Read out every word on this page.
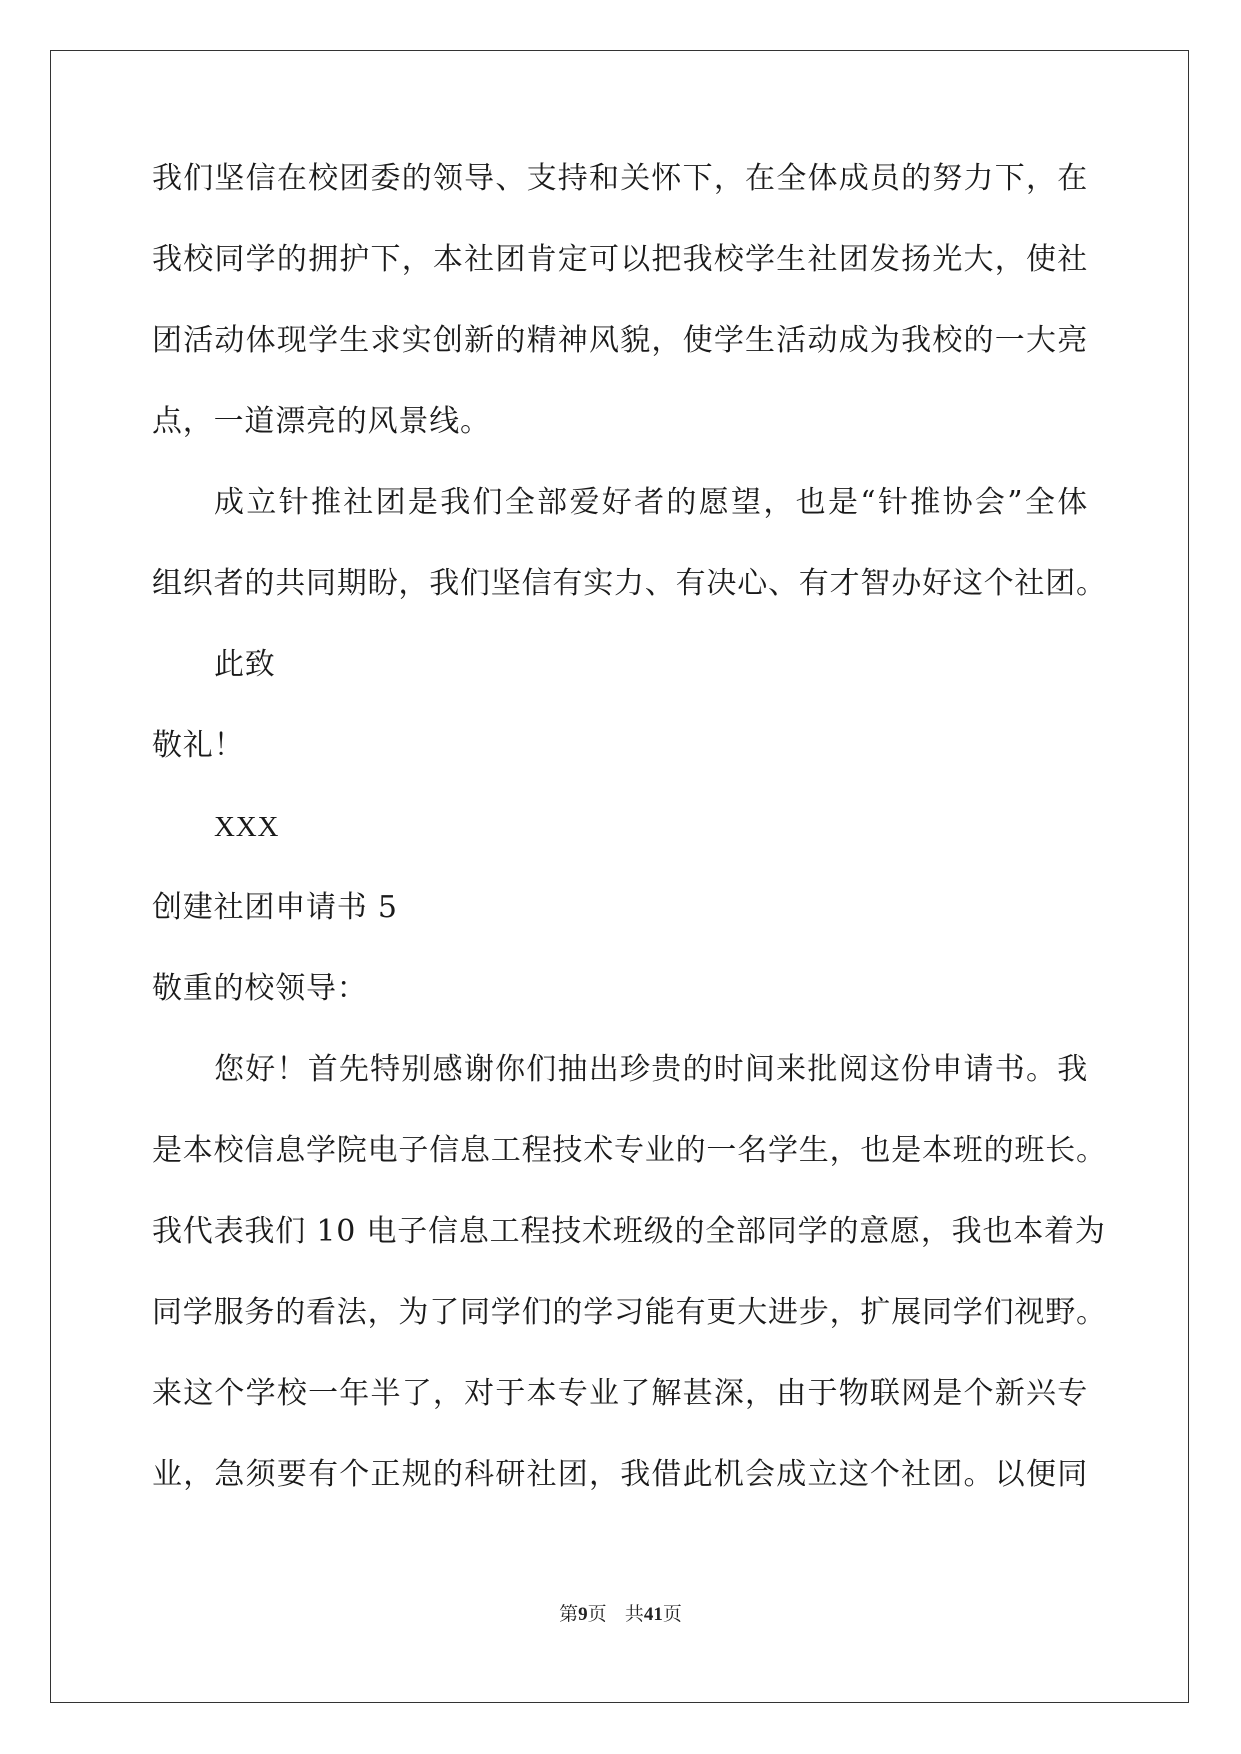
我们坚信在校团委的领导、支持和关怀下，在全体成员的努力下，在
我校同学的拥护下，本社团肯定可以把我校学生社团发扬光大，使社
团活动体现学生求实创新的精神风貌，使学生活动成为我校的一大亮
点，一道漂亮的风景线。
成立针推社团是我们全部爱好者的愿望，也是“针推协会”全体
组织者的共同期盼，我们坚信有实力、有决心、有才智办好这个社团。
此致
敬礼！
XXX
创建社团申请书 5
敬重的校领导：
您好！首先特别感谢你们抽出珍贵的时间来批阅这份申请书。我
是本校信息学院电子信息工程技术专业的一名学生，也是本班的班长。
我代表我们 10 电子信息工程技术班级的全部同学的意愿，我也本着为
同学服务的看法，为了同学们的学习能有更大进步，扩展同学们视野。
来这个学校一年半了，对于本专业了解甚深，由于物联网是个新兴专
业，急须要有个正规的科研社团，我借此机会成立这个社团。以便同
第9页 共41页
